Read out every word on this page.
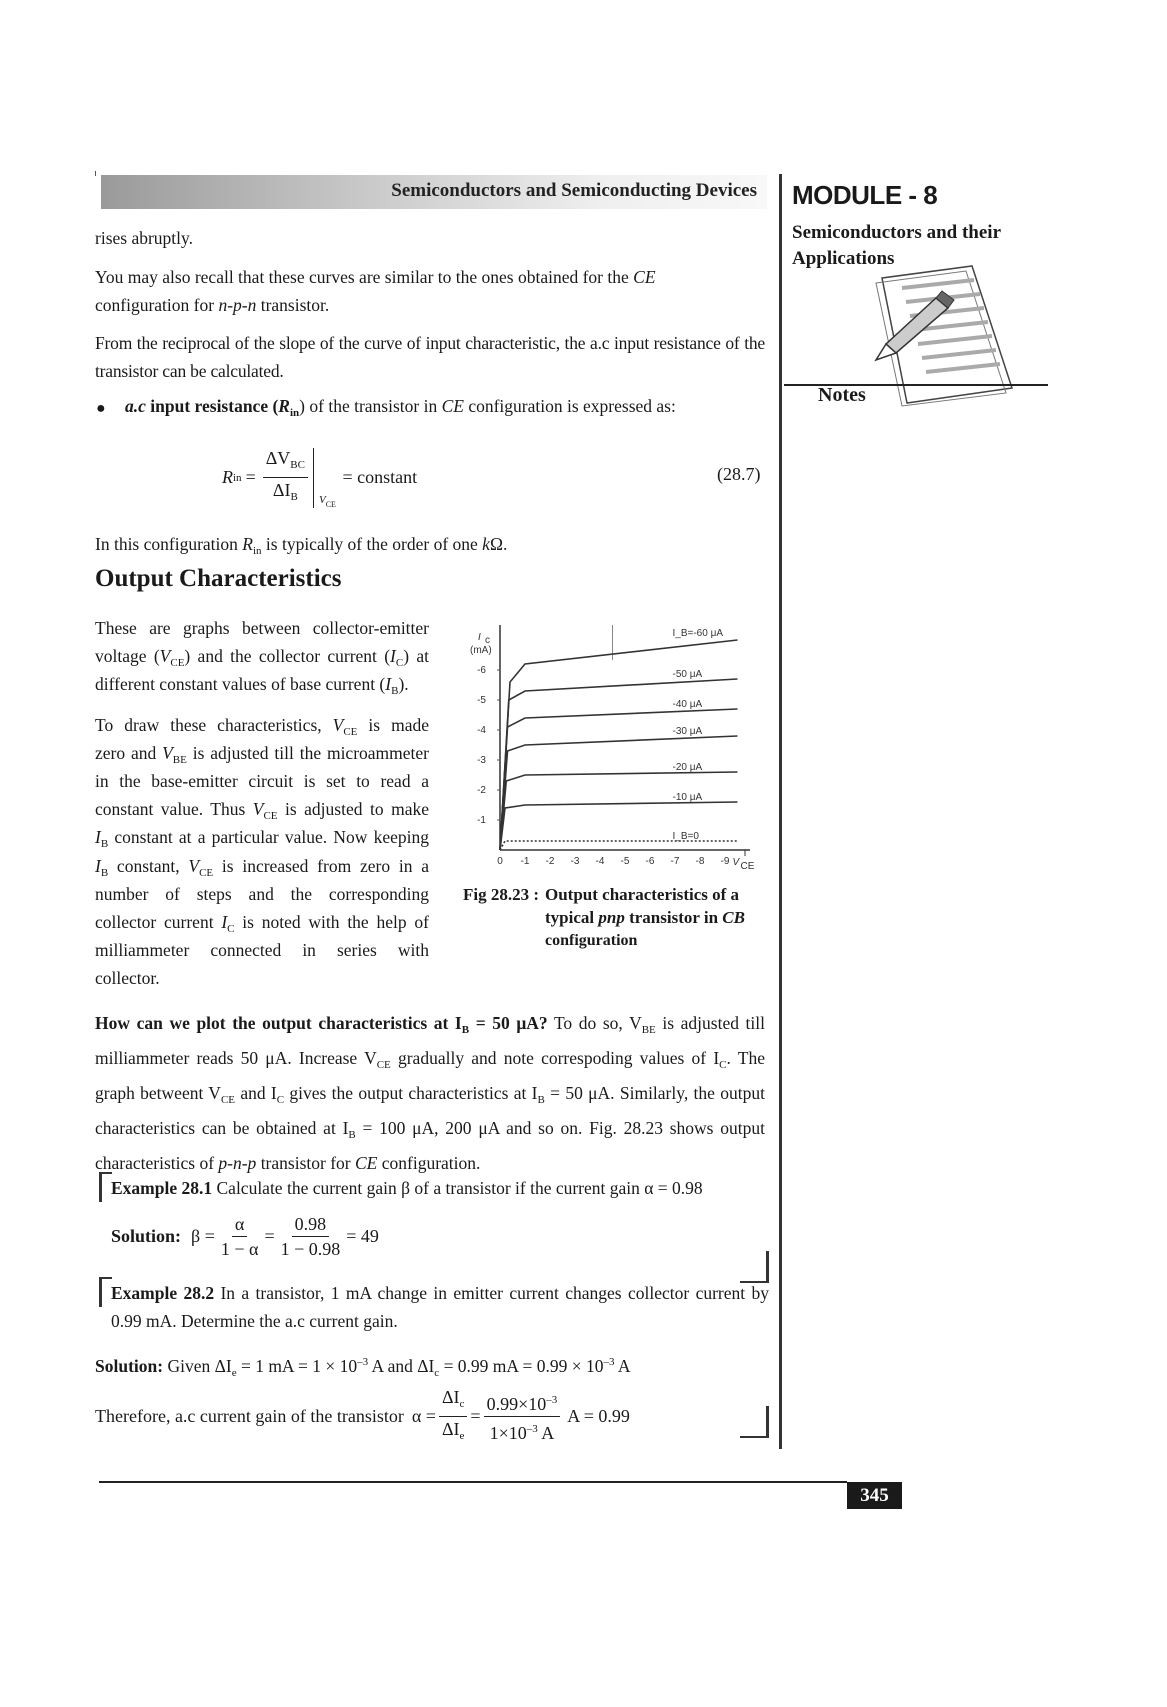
Semiconductors and Semiconducting Devices MODULE - 8
Semiconductors and their
Applications
Notes
rises abruptly.
You may also recall that these curves are similar to the ones obtained for the CE
configuration for n-p-n transistor.
From the reciprocal of the slope of the curve of input characteristic, the a.c input resistance of the transistor can be calculated.
● a.c input resistance $(R_{in})$ of the transistor in CE configuration is expressed as:
R in = $\frac{\Delta V_{BC}}{\Delta I_B} V_{CE}$
= constant	(28.7)
In this configuration $R_{in}$ is typically of the order of one kΩ.
Output Characteristics
These are graphs between collector-emitter
voltage $(V_{CE})$ and the collector current $(I_C)$ at
different constant values of base current $(I_B)$.
To draw these characteristics, $V_{CE}$ is made
zero and $V_{BE}$ is adjusted till the microammeter
in the base-emitter circuit is set to read a
constant value. Thus $V_{CE}$ is adjusted to make
$I_B$ constant at a particular value. Now keeping
$I_B$ constant, $V_{CE}$ is increased from zero in a
number of steps and the corresponding
collector current $I_C$ is noted with the help of
milliammeter connected in series with
collector.
0 -1 -2 -3 -4 -5 -6 -7 -8 -9
-1
-2
-3
-4
-5
-6
I c
(mA)
V CE
I_B=-60 μA
-50 μA
-40 μA
-30 μA
-20 μA
-10 μA
I_B=0
Fig 28.23 : Output characteristics of a
typical pnp transistor in CB
configuration
How can we plot the output characteristics at $I_B = 50$ μA? To do so, $V_{BE}$ is adjusted till milliammeter reads 50 μA. Increase $V_{CE}$ gradually and note correspoding values of $I_C$. The graph betweent $V_{CE}$ and $I_C$ gives the output characteristics at $I_B = 50$ μA. Similarly, the output characteristics can be obtained at $I_B = 100$ μA, 200 μA and so on. Fig. 28.23 shows output characteristics of p-n-p transistor for CE configuration.
Example 28.1 Calculate the current gain β of a transistor if the current gain α = 0.98
Solution: $\beta = \frac{\alpha}{1 - \alpha} = \frac{0.98}{1 - 0.98} = 49$
Example 28.2 In a transistor, 1 mA change in emitter current changes collector current by 0.99 mA. Determine the a.c current gain.
Solution: Given $\Delta I_e = 1$ mA = $1 \times 10^{-3}$ A and $\Delta I_c = 0.99$ mA = $0.99 \times 10^{-3}$ A
Therefore, a.c current gain of the transistor $\alpha = \frac{\Delta I_c}{\Delta I_e} = \frac{0.99\times 10^{-3}}{1\times 10^{-3} A}$ A = 0.99
345
